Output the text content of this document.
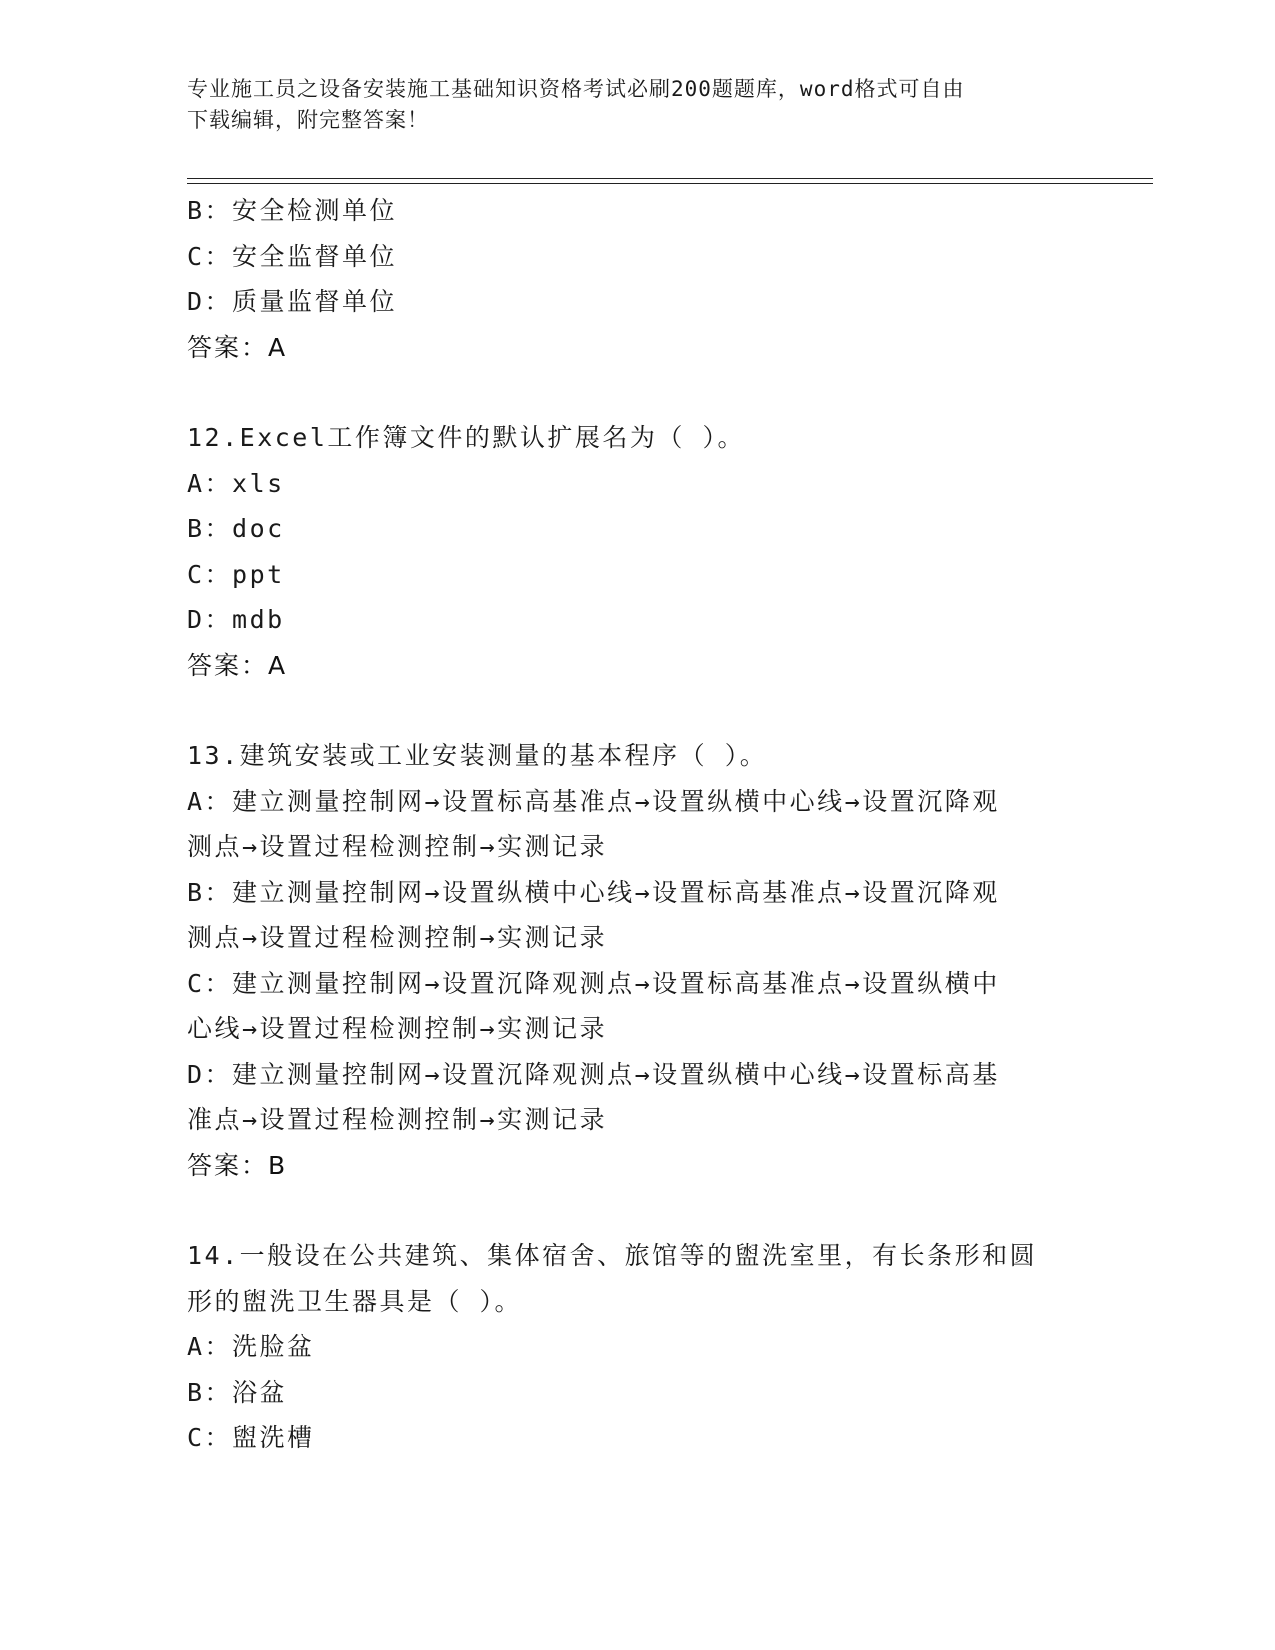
专业施工员之设备安装施工基础知识资格考试必刷200题题库，word格式可自由
下载编辑，附完整答案！
B：安全检测单位
C：安全监督单位
D：质量监督单位
答案：A
12.Excel工作簿文件的默认扩展名为（ ）。
A：xls
B：doc
C：ppt
D：mdb
答案：A
13.建筑安装或工业安装测量的基本程序（ ）。
A：建立测量控制网→设置标高基准点→设置纵横中心线→设置沉降观
测点→设置过程检测控制→实测记录
B：建立测量控制网→设置纵横中心线→设置标高基准点→设置沉降观
测点→设置过程检测控制→实测记录
C：建立测量控制网→设置沉降观测点→设置标高基准点→设置纵横中
心线→设置过程检测控制→实测记录
D：建立测量控制网→设置沉降观测点→设置纵横中心线→设置标高基
准点→设置过程检测控制→实测记录
答案：B
14.一般设在公共建筑、集体宿舍、旅馆等的盥洗室里，有长条形和圆
形的盥洗卫生器具是（ ）。
A：洗脸盆
B：浴盆
C：盥洗槽
